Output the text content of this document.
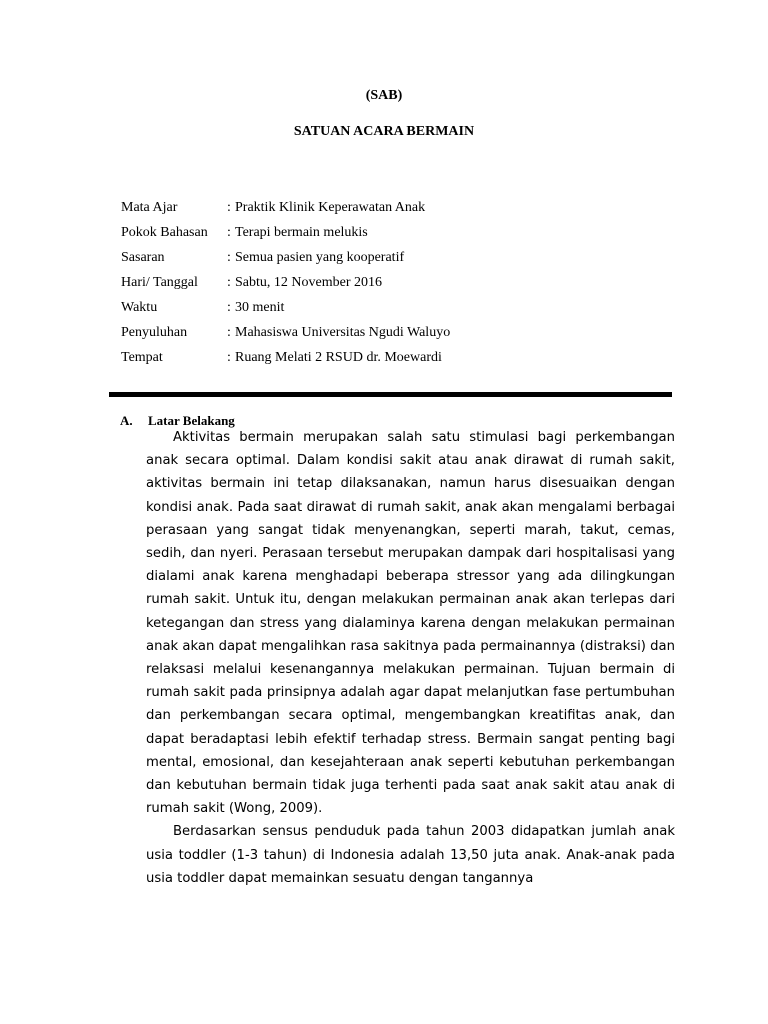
(SAB)
SATUAN ACARA BERMAIN
Mata Ajar	: Praktik Klinik Keperawatan Anak
Pokok Bahasan : Terapi bermain melukis
Sasaran	: Semua pasien yang kooperatif
Hari/ Tanggal : Sabtu, 12 November 2016
Waktu	: 30 menit
Penyuluhan	: Mahasiswa Universitas Ngudi Waluyo
Tempat	: Ruang Melati 2 RSUD dr. Moewardi
A. Latar Belakang

Aktivitas bermain merupakan salah satu stimulasi bagi perkembangan anak secara optimal. Dalam kondisi sakit atau anak dirawat di rumah sakit, aktivitas bermain ini tetap dilaksanakan, namun harus disesuaikan dengan kondisi anak. Pada saat dirawat di rumah sakit, anak akan mengalami berbagai perasaan yang sangat tidak menyenangkan, seperti marah, takut, cemas, sedih, dan nyeri. Perasaan tersebut merupakan dampak dari hospitalisasi yang dialami anak karena menghadapi beberapa stressor yang ada dilingkungan rumah sakit. Untuk itu, dengan melakukan permainan anak akan terlepas dari ketegangan dan stress yang dialaminya karena dengan melakukan permainan anak akan dapat mengalihkan rasa sakitnya pada permainannya (distraksi) dan relaksasi melalui kesenangannya melakukan permainan. Tujuan bermain di rumah sakit pada prinsipnya adalah agar dapat melanjutkan fase pertumbuhan dan perkembangan secara optimal, mengembangkan kreatifitas anak, dan dapat beradaptasi lebih efektif terhadap stress. Bermain sangat penting bagi mental, emosional, dan kesejahteraan anak seperti kebutuhan perkembangan dan kebutuhan bermain tidak juga terhenti pada saat anak sakit atau anak di rumah sakit (Wong, 2009).

Berdasarkan sensus penduduk pada tahun 2003 didapatkan jumlah anak usia toddler (1-3 tahun) di Indonesia adalah 13,50 juta anak. Anak-anak pada usia toddler dapat memainkan sesuatu dengan tangannya
